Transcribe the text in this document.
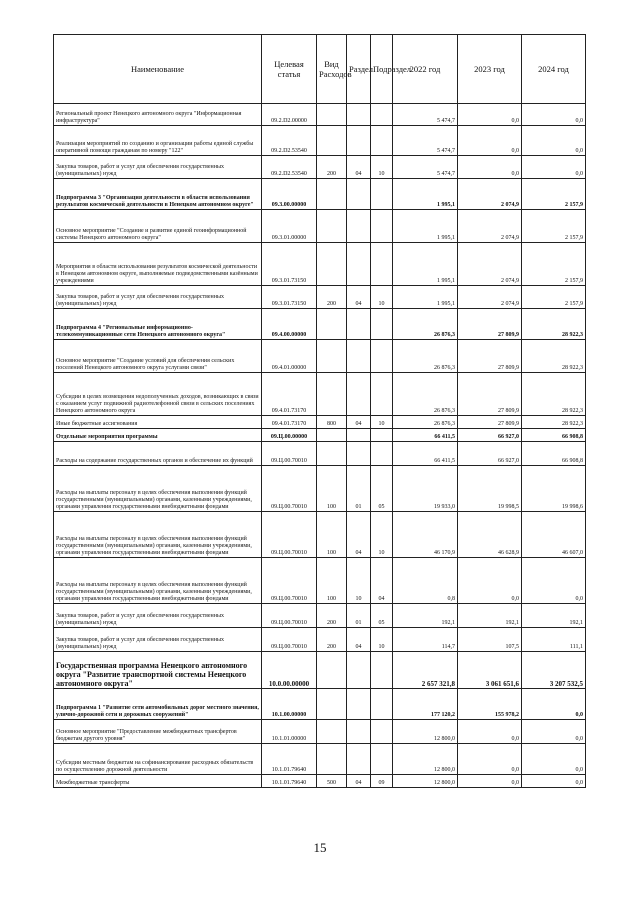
Наименование	Целевая статья	Вид Расходов	Раздел	Подраздел	2022 год	2023 год	2024 год
Региональный проект Ненецкого автономного округа "Информационная инфраструктура"	09.2.D2.00000				5 474,7	0,0	0,0
Реализация мероприятий по созданию и организации работы единой службы оперативной помощи гражданам по номеру "122"	09.2.D2.53540				5 474,7	0,0	0,0
Закупка товаров, работ и услуг для обеспечения государственных (муниципальных) нужд	09.2.D2.53540	200	04	10	5 474,7	0,0	0,0
Подпрограмма 3 "Организация деятельности в области использования результатов космической деятельности в Ненецком автономном округе"	09.3.00.00000				1 995,1	2 074,9	2 157,9
Основное мероприятие "Создание и развитие единой геоинформационной системы Ненецкого автономного округа"	09.3.01.00000				1 995,1	2 074,9	2 157,9
Мероприятия в области использования результатов космической деятельности в Ненецком автономном округе, выполняемые подведомственными казёнными учреждениями	09.3.01.73150				1 995,1	2 074,9	2 157,9
Закупка товаров, работ и услуг для обеспечения государственных (муниципальных) нужд	09.3.01.73150	200	04	10	1 995,1	2 074,9	2 157,9
Подпрограмма 4 "Региональные информационно-телекоммуникационные сети Ненецкого автономного округа"	09.4.00.00000				26 876,3	27 809,9	28 922,3
Основное мероприятие "Создание условий для обеспечения сельских поселений Ненецкого автономного округа услугами связи"	09.4.01.00000				26 876,3	27 809,9	28 922,3
Субсидии в целях возмещения недополученных доходов, возникающих в связи с оказанием услуг подвижной радиотелефонной связи в сельских поселениях Ненецкого автономного округа	09.4.01.73170				26 876,3	27 809,9	28 922,3
Иные бюджетные ассигнования	09.4.01.73170	800	04	10	26 876,3	27 809,9	28 922,3
Отдельные мероприятия программы	09.Ц.00.00000				66 411,5	66 927,0	66 908,8
Расходы на содержание государственных органов и обеспечение их функций	09.Ц.00.70010				66 411,5	66 927,0	66 908,8
Расходы на выплаты персоналу в целях обеспечения выполнения функций государственными (муниципальными) органами, казенными учреждениями, органами управления государственными внебюджетными фондами	09.Ц.00.70010	100	01	05	19 933,0	19 998,5	19 998,6
Расходы на выплаты персоналу в целях обеспечения выполнения функций государственными (муниципальными) органами, казенными учреждениями, органами управления государственными внебюджетными фондами	09.Ц.00.70010	100	04	10	46 170,9	46 628,9	46 607,0
Расходы на выплаты персоналу в целях обеспечения выполнения функций государственными (муниципальными) органами, казенными учреждениями, органами управления государственными внебюджетными фондами	09.Ц.00.70010	100	10	04	0,8	0,0	0,0
Закупка товаров, работ и услуг для обеспечения государственных (муниципальных) нужд	09.Ц.00.70010	200	01	05	192,1	192,1	192,1
Закупка товаров, работ и услуг для обеспечения государственных (муниципальных) нужд	09.Ц.00.70010	200	04	10	114,7	107,5	111,1
Государственная программа Ненецкого автономного округа "Развитие транспортной системы Ненецкого автономного округа"	10.0.00.00000				2 657 321,8	3 061 651,6	3 207 532,5
Подпрограмма 1 "Развитие сети автомобильных дорог местного значения, улично-дорожной сети и дорожных сооружений"	10.1.00.00000				177 120,2	155 978,2	0,0
Основное мероприятие "Предоставление межбюджетных трансфертов бюджетам другого уровня"	10.1.01.00000				12 800,0	0,0	0,0
Субсидии местным бюджетам на софинансирование расходных обязательств по осуществлению дорожной деятельности	10.1.01.79640				12 800,0	0,0	0,0
Межбюджетные трансферты	10.1.01.79640	500	04	09	12 800,0	0,0	0,0
15
